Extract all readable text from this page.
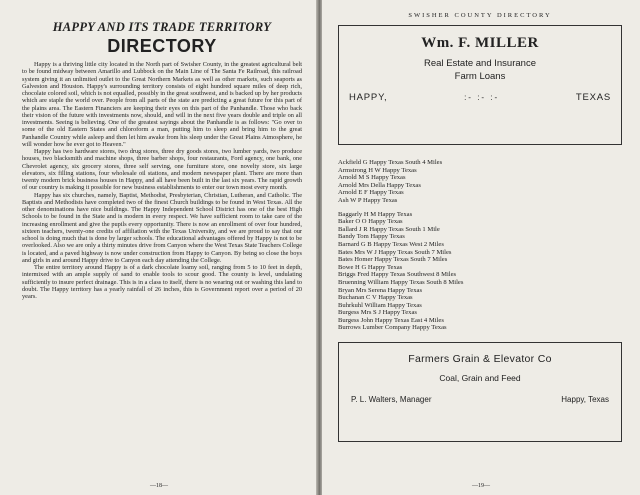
HAPPY AND ITS TRADE TERRITORY
DIRECTORY

Happy is a thriving little city located in the North part of Swisher County, in the greatest agricultural belt to be found midway between Amarillo and Lubbock on the Main Line of The Santa Fe Railroad, this railroad system giving it an unlimited outlet to the Great Northern Markets as well as other markets, such seaports as Galveston and Houston. Happy's surrounding territory consists of eight hundred square miles of deep rich, chocolate colored soil, which is not equalled, possibly in the great southwest, and is backed up by her products which are staple the world over. People from all parts of the state are predicting a great future for this part of the plains area. The Eastern Financiers are keeping their eyes on this part of the Panhandle. Those who back their vision of the future with investments now, should, and will in the next five years double and triple on all investments. Seeing is believing. One of the greatest sayings about the Panhandle is as follows: "Go over to some of the old Eastern States and chloroform a man, putting him to sleep and bring him to the great Panhandle Country while asleep and then let him awake from his sleep under the Great Plains Atmosphere, he will wonder how he ever got to Heaven."

Happy has two hardware stores, two drug stores, three dry goods stores, two lumber yards, two produce houses, two blacksmith and machine shops, three barber shops, four restaurants, Ford agency, one bank, one Chevrolet agency, six grocery stores, three self serving, one furniture store, one novelty store, six large elevators, six filling stations, four wholesale oil stations, and modern newspaper plant. There are more than twenty modern brick business houses in Happy, and all have been built in the last six years. The rapid growth of our country is making it possible for new business establishments to enter our town most every month.

Happy has six churches, namely, Baptist, Methodist, Presbyterian, Christian, Lutheran, and Catholic. The Baptists and Methodists have completed two of the finest Church buildings to be found in West Texas. All the other denominations have nice buildings. The Happy Independent School District has one of the best High Schools to be found in the State and is modern in every respect. We have sufficient room to take care of the increasing enrollment and give the pupils every opportunity. There is now an enrollment of over four hundred, sixteen teachers, twenty-one credits of affiliation with the Texas University, and we are proud to say that our school is doing much that is done by larger schools. The educational advantages offered by Happy is not to be overlooked. Also we are only a thirty minutes drive from Canyon where the West Texas State Teachers College is located, and a paved highway is now under construction from Happy to Canyon. By being so close the boys and girls in and around Happy drive to Canyon each day attending the College.

The entire territory around Happy is of a dark chocolate loamy soil, ranging from 5 to 10 feet in depth, intermixed with an ample supply of sand to enable tools to scour good. The county is level, undulating sufficiently to insure perfect drainage. This is in a class to itself, there is no wearing out or washing this land to doubt. The Happy territory has a yearly rainfall of 26 inches, this is Government report over a period of 20 years.

—18—
SWISHER COUNTY DIRECTORY
Wm. F. MILLER
Real Estate and Insurance
Farm Loans
HAPPY,	:- :- :-	TEXAS
Ackfield G Happy Texas South 4 Miles
Armstrong H W Happy Texas
Arnold M S Happy Texas
Arnold Mrs Della Happy Texas
Arnold E F Happy Texas
Ash W P Happy Texas
Baggarly H M Happy Texas
Baker O O Happy Texas
Ballard J R Happy Texas South 1 Mile
Bandy Tom Happy Texas
Barnard G B Happy Texas West 2 Miles
Bates Mrs W J Happy Texas South 7 Miles
Bates Homer Happy Texas South 7 Miles
Bowe H G Happy Texas
Briggs Fred Happy Texas Southwest 8 Miles
Bruenning William Happy Texas South 8 Miles
Bryan Mrs Serena Happy Texas
Buchanan C V Happy Texas
Buhrkuhl William Happy Texas
Burgess Mrs S J Happy Texas
Burgess John Happy Texas East 4 Miles
Burrows Lumber Company Happy Texas
Farmers Grain & Elevator Co
Coal, Grain and Feed
P. L. Walters, Manager	Happy, Texas
—19—
